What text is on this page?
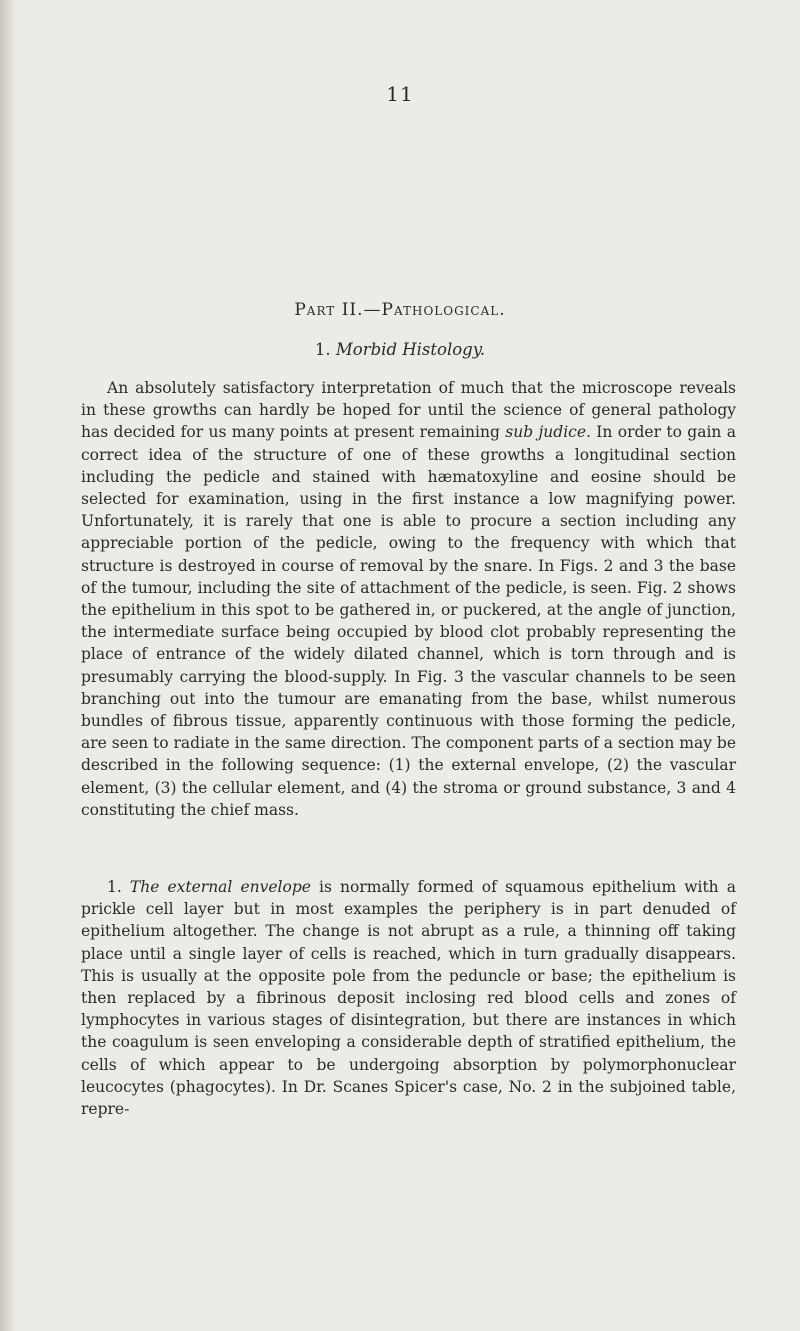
11
Part II.—Pathological.
1. Morbid Histology.

An absolutely satisfactory interpretation of much that the microscope reveals in these growths can hardly be hoped for until the science of general pathology has decided for us many points at present remaining sub judice. In order to gain a correct idea of the structure of one of these growths a longitudinal section including the pedicle and stained with hæmatoxyline and eosine should be selected for examination, using in the first instance a low magnifying power. Unfortunately, it is rarely that one is able to procure a section including any appreciable portion of the pedicle, owing to the frequency with which that structure is destroyed in course of removal by the snare. In Figs. 2 and 3 the base of the tumour, including the site of attachment of the pedicle, is seen. Fig. 2 shows the epithelium in this spot to be gathered in, or puckered, at the angle of junction, the intermediate surface being occupied by blood clot probably representing the place of entrance of the widely dilated channel, which is torn through and is presumably carrying the blood-supply. In Fig. 3 the vascular channels to be seen branching out into the tumour are emanating from the base, whilst numerous bundles of fibrous tissue, apparently continuous with those forming the pedicle, are seen to radiate in the same direction. The component parts of a section may be described in the following sequence: (1) the external envelope, (2) the vascular element, (3) the cellular element, and (4) the stroma or ground substance, 3 and 4 constituting the chief mass.

1. The external envelope is normally formed of squamous epithelium with a prickle cell layer but in most examples the periphery is in part denuded of epithelium altogether. The change is not abrupt as a rule, a thinning off taking place until a single layer of cells is reached, which in turn gradually disappears. This is usually at the opposite pole from the peduncle or base; the epithelium is then replaced by a fibrinous deposit inclosing red blood cells and zones of lymphocytes in various stages of disintegration, but there are instances in which the coagulum is seen enveloping a considerable depth of stratified epithelium, the cells of which appear to be undergoing absorption by polymorphonuclear leucocytes (phagocytes). In Dr. Scanes Spicer's case, No. 2 in the subjoined table, repre-
